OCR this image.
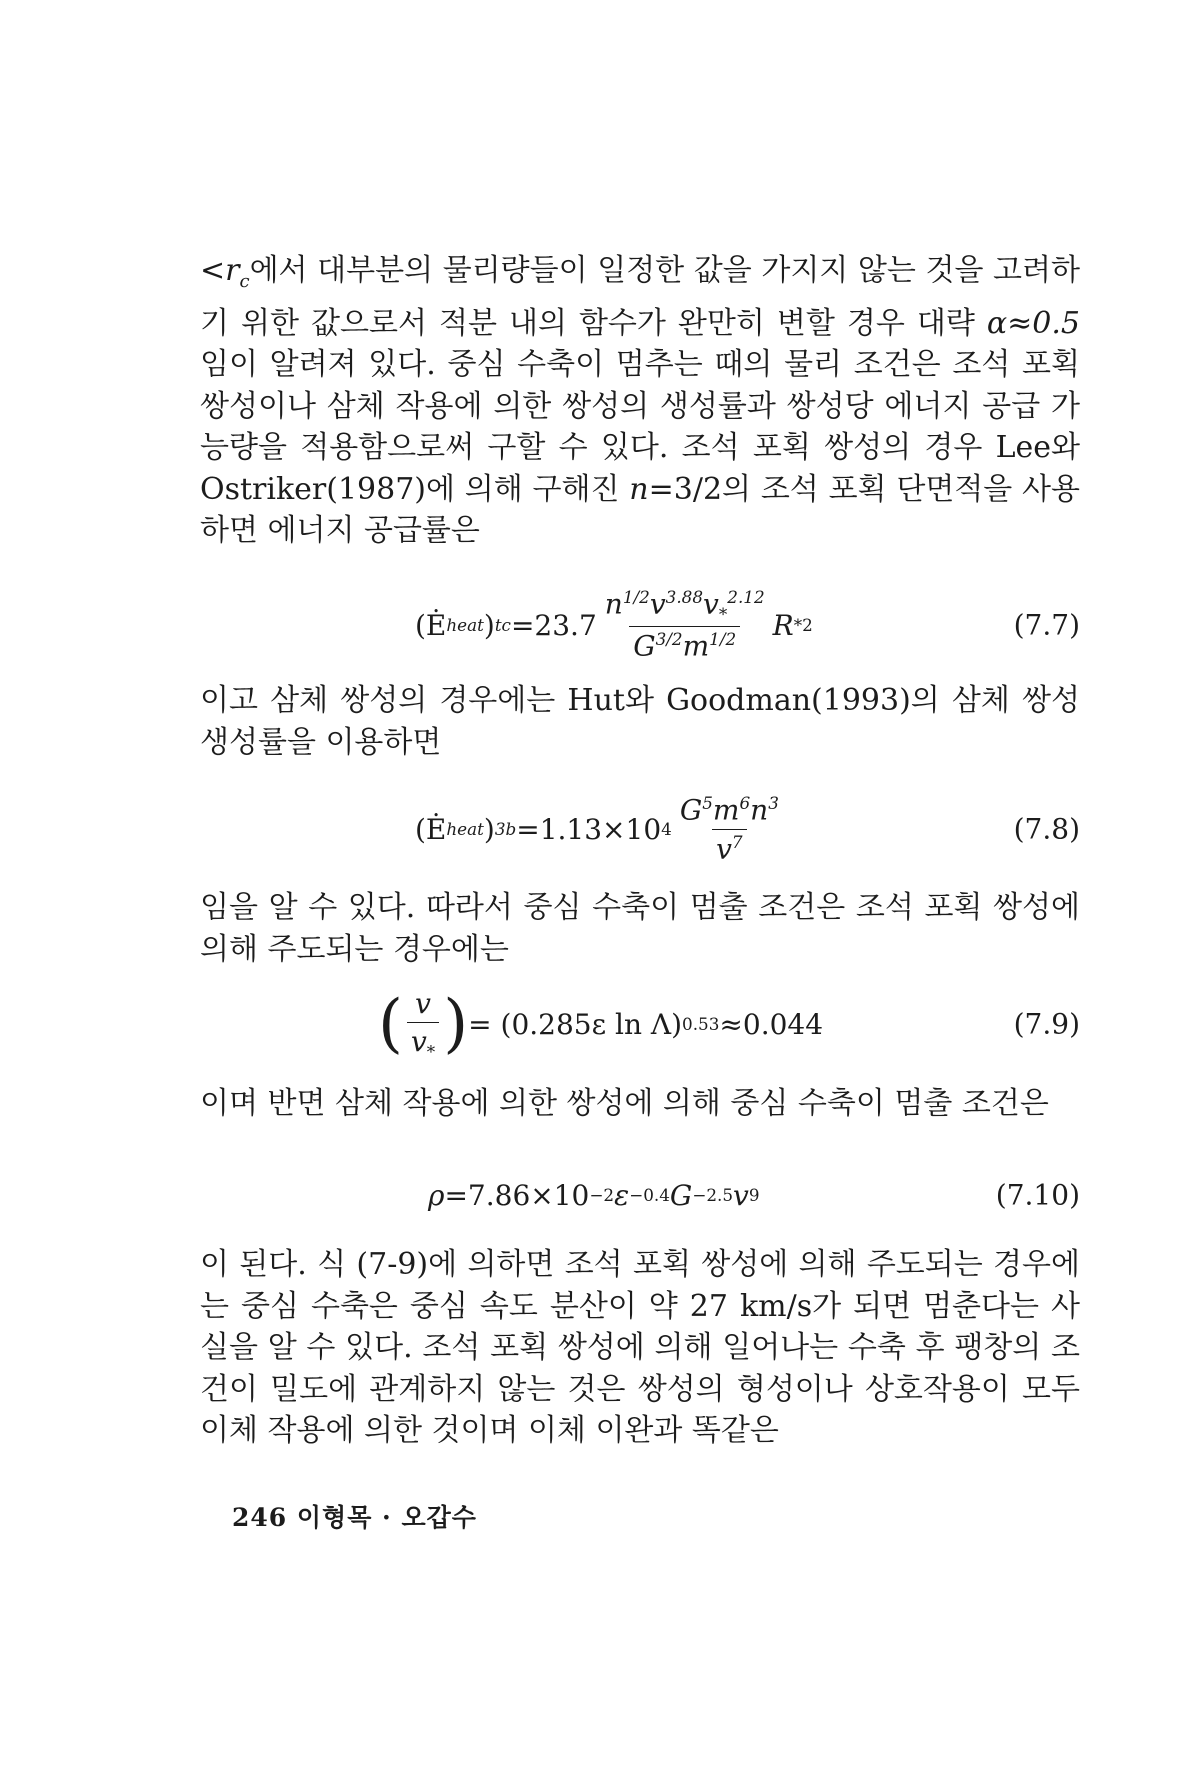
$<r_c$에서 대부분의 물리량들이 일정한 값을 가지지 않는 것을 고려하기 위한 값으로서 적분 내의 함수가 완만히 변할 경우 대략 α≈0.5임이 알려져 있다. 중심 수축이 멈추는 때의 물리 조건은 조석 포획 쌍성이나 삼체 작용에 의한 쌍성의 생성률과 쌍성당 에너지 공급 가능량을 적용함으로써 구할 수 있다. 조석 포획 쌍성의 경우 Lee와 Ostriker(1987)에 의해 구해진 n=3/2의 조석 포획 단면적을 사용하면 에너지 공급률은

(Ė heat ) tc $=23.7 \frac{n^{1/2}v^{3.88}v_*^{2.12}}{G^{3/2}m^{1/2}}$ R * 2	(7.7)

이고 삼체 쌍성의 경우에는 Hut와 Goodman(1993)의 삼체 쌍성 생성률을 이용하면

(Ė heat ) 3b =1.13×10 $4 \frac{G^5m^6n^3}{v^7}$	(7.8)

임을 알 수 있다. 따라서 중심 수축이 멈출 조건은 조석 포획 쌍성에 의해 주도되는 경우에는

( $\frac{v}{v_*}$ ) = (0.285ε ln Λ) 0.53 ≈0.044	(7.9)

이며 반면 삼체 작용에 의한 쌍성에 의해 중심 수축이 멈출 조건은

ρ =7.86×10 −2 ε −0.4 G −2.5 v 9	(7.10)

이 된다. 식 (7-9)에 의하면 조석 포획 쌍성에 의해 주도되는 경우에는 중심 수축은 중심 속도 분산이 약 27 km/s가 되면 멈춘다는 사실을 알 수 있다. 조석 포획 쌍성에 의해 일어나는 수축 후 팽창의 조건이 밀도에 관계하지 않는 것은 쌍성의 형성이나 상호작용이 모두 이체 작용에 의한 것이며 이체 이완과 똑같은

246 이형목 · 오갑수
